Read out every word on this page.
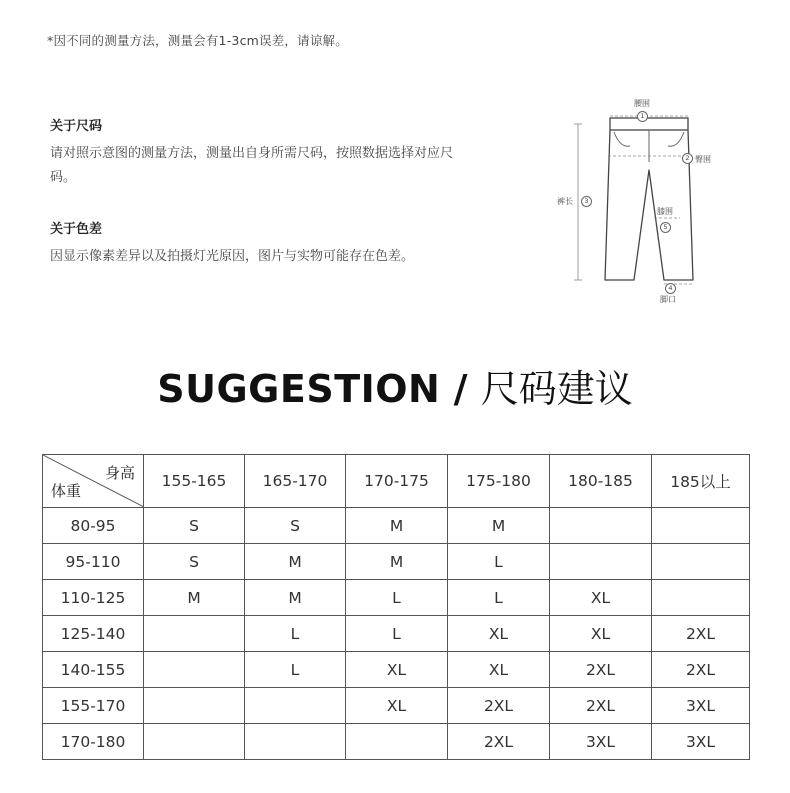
*因不同的测量方法，测量会有1-3cm误差，请谅解。
关于尺码
请对照示意图的测量方法，测量出自身所需尺码，按照数据选择对应尺码。
关于色差
因显示像素差异以及拍摄灯光原因，图片与实物可能存在色差。
腰围
1
2 臀围
裤长	3
膝围
5
4
脚口
SUGGESTION / 尺码建议
身高
体重	155-165	165-170	170-175	175-180	180-185	185以上
80-95	S	S	M	M		
95-110	S	M	M	L		
110-125	M	M	L	L	XL	
125-140		L	L	XL	XL	2XL
140-155		L	XL	XL	2XL	2XL
155-170			XL	2XL	2XL	3XL
170-180				2XL	3XL	3XL
